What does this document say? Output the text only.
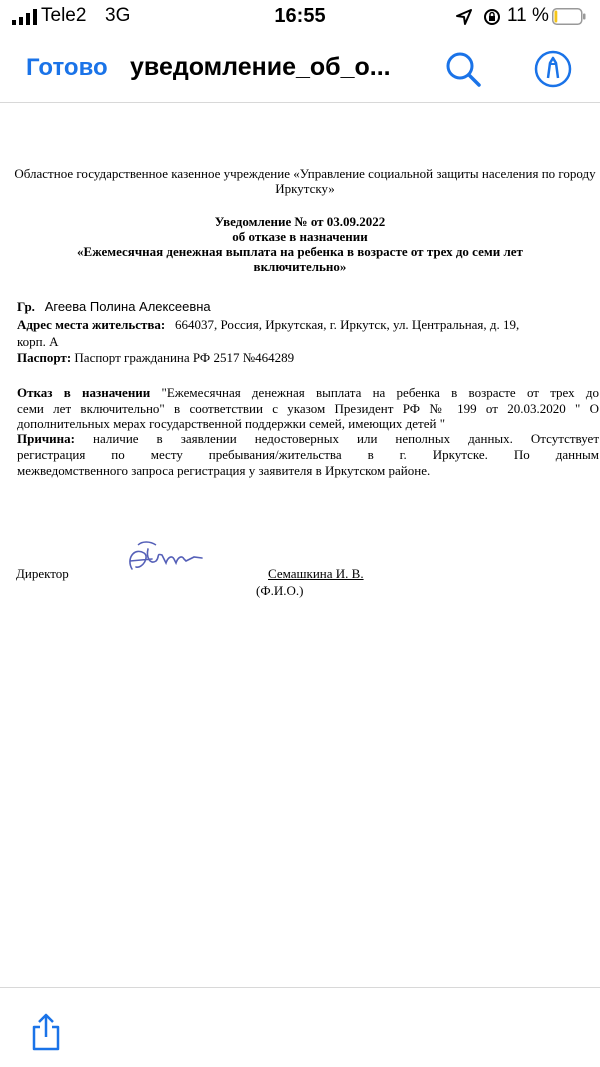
Tele2 3G	16:55	11 %
Готово уведомление_об_о...
Областное государственное казенное учреждение «Управление социальной защиты населения по городу Иркутску»
Уведомление № от 03.09.2022
об отказе в назначении
«Ежемесячная денежная выплата на ребенка в возрасте от трех до семи лет
включительно»
Гр. Агеева Полина Алексеевна
Адрес места жительства: 664037, Россия, Иркутская, г. Иркутск, ул. Центральная, д. 19,
корп. А
Паспорт: Паспорт гражданина РФ 2517 №464289
Отказ в назначении "Ежемесячная денежная выплата на ребенка в возрасте от трех до
семи лет включительно" в соответствии с указом Президент РФ № 199 от 20.03.2020 " О
дополнительных мерах государственной поддержки семей, имеющих детей "
Причина: наличие в заявлении недостоверных или неполных данных. Отсутствует
регистрация по месту пребывания/жительства в г. Иркутске. По данным
межведомственного запроса регистрация у заявителя в Иркутском районе.
Директор	Семашкина И. В.
(Ф.И.О.)
